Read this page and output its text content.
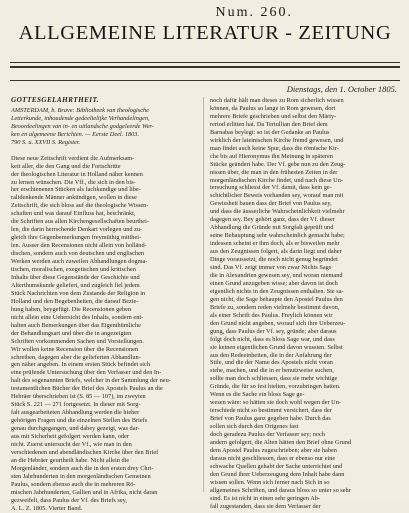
Num. 260.
ALLGEMEINE LITERATUR - ZEITUNG
Dienstags, den 1. October 1805.
GOTTESGELAHRTHEIT.
AMSTERDAM, b. Brave: Bibliotheek van theologische
Letterkunde, inhoudende gedeeltelijke Verhandelingen,
Beoordeelingen van in- en uitlandsche godgeleerde Wer-
ken en algemeene Berichten. — Eerste Deel. 1803.
790 S. u. XXVII S. Register.

Diese neue Zeitschrift verdient die Aufmerksam-
keit aller, die den Gang und die Fortschritte
der theologischen Literatur in Holland näher kennen
zu lernen wünschen. Die Vff., die sich in den bis-
her erschienenen Stücken als fachkundige und libe-
ralidenkende Männer ankündigen, wollen in diese
Zeitschrift, die sich bloss auf die theologische Wissen-
schaften und was darauf Einfluss hat, beschränkt,
die Schriften aus allen Kirchengesellschaften beurthei-
len, die darin herrschende Denkart vorlegen und zu-
gleich ihre Gegenbemerkungen freymüthig mitthei-
len. Ausser den Recensionen nicht allein von holländ-
dischen, sondern auch von deutschen und englischen
Werken werden auch zuweilen Abhandlungen dogma-
tischen, moralischen, exegetischen und kritischen
Inhalts über diese Gegenstände der Geschichte und
Alterthumskunde geliefert, und zugleich fiel jedem
Stück Nachrichten von dem Zustande der Religion in
Holland und den Begebenheiten, die darauf Bezie-
hung haben, beygefügt. Die Recensionen geben
nicht allein eine Uebersicht des Inhalts, sondern ent-
halten auch Bemerkungen über das Eigenthümliche
der Behandlungsart und über die in angezeigten
Schriften vorkommenden Sachen und Vorstellungen.
Wir wollen keine Recension über die Recensionen
schreiben, dagegen aber die gelieferten Abhandlun-
gen näher angeben. In einem ersten Stück befindet sich
eine prüfende Untersuchung über den Verfasser und den In-
halt des sogenannten Briefs, welcher in der Sammlung der neu-
testamentlichen Bücher der Brief des Apostels Paulus an die
Hebräer überschrieben ist (S. 85 — 107), im zweyten
Stück S. 221 — 271 fortgesetzt. In dieser mit Sorg-
falt ausgearbeiteten Abhandlung werden die hieher
gehörigen Fragen und die einzelnen Stellen des Briefs
genau durchgegangen, und dabey gezeigt, was dar-
aus mit Sicherheit gefolgert werden kann, oder
nicht. Zuerst untersucht der Vf., wie man in den
verschiedenen und abendländischen Kirche über den Brief
an die Hebräer geurtheilt habe. Nicht allein die
Morgenländer, sondern auch die in den ersten drey Chri-
sten Jahrhunderten in den morgenländischen Gemeinen
Paulus, sondern ebenso auch die in mehreren Rö-
mischen Jahrhunderten, Gallien und in Afrika, nicht daran
gezweifelt, dass Paulus der Vf. des Briefs sey,
A. L. Z. 1805. Vierter Band.
noch dafür hält man dieses zu Rom sicherlich wissen
können, da Paulus so lange in Rom gewesen, dort
mehrere Briefe geschrieben und selbst den Märty-
rertod erlitten hat. Da Tertullian den Brief dem
Barnabas beylegt: so ist der Gedanke an Paulus
wirklich der lateinischen Kirche fremd gewesen, und
man findet auch keine Spur, dass die römische Kir-
che bis auf Hieronymus ihn Meinung in späteren
Stücke geändert habe. Der Vf. gebe nun zu den Zeug-
nissen über, die man in den frühesten Zeiten in der
morgenländischen Kirche findet, und nach diese Un-
tersuchung schliesst der Vf. damit, dass kein ge-
schichtlicher Beweis vorhanden sey, worauf man mit
Gewissheit bauen dass der Brief von Paulus sey,
und dass die äusserliche Wahrscheinlichkeit vielmehr
dagegen sey. Bey gehört ganz, dass der Vf. dieser
Abhandlung die Gründe mit Sorgfalt geprüft und
seine Behauptung sehr wahrscheinlich gemacht habe;
indessen scheint er ihm doch, als er bisweilen mehr
aus den Zeugnissen folgert, als darin liegt und daher
Dinge voraussetzt, die noch nicht genug begründet
sind. Das Vf. zeigt immer von zwar Nichts Sags
die in Alexandrien gewesen sey, und woran niemand
einen Grund anzugeben wisse; aber davon ist doch
eigentlich nichts in den Zeugnissen enthalten. Sie sa-
gen nicht, die Sage behaupte den Apostel Paulus den
Briefe zu, sondern reden vielmehr bestimmt davon,
als einer Schrift des Paulus. Freylich können wir
den Grund nicht angeben, worauf sich ihre Ueberzeu-
gung, dass Paulus der Vf. sey, gründe; aber daraus
folgt doch nicht, dass es bloss Sage war, und dass
sie keinen eigentlichen Grund davon wussten. Selbst
aus den Redeeinheiten, die in der Anfahrung der
Stile, und die der Name des Apostels nicht voran
stehe, machen, und die in er benutzweise suchen,
sollte man doch schliessen, dass sie mehr wichtige
Gründe, die für so fest hielten, vorzubringen hatten.
Wenn es die Sache ein bloss Sage ge-
wesen wäre: so hätten sie doch wohl wegen der Un-
terschiede nicht so bestimmt versichert, dass der
Brief von Paulus ganz gegeben habe. Durch das
sollen sich durch den Origenes fast
doch geradezu Paulus der Verfasser sey; noch
andern gefolgert, die Alten hätten den Brief ohne Grund
dem Apostel Paulus zugeschrieben; aber sie haben
daraus nicht geschliessen, dass er ebenso nur eine
schwache Quellen gehabt der Sache unterrichtet und
den Grund ihrer Ueberzeugung dem Inhalt habe dann
wissen sollen. Wenn sich ferner nach Sich in so
allgemeines Schriften, und daraus bloss so unter so sehr
sind. Es ist nicht in einen sehr geringen Ab-
fall zugestanden, dass sie dem Verfasser der
